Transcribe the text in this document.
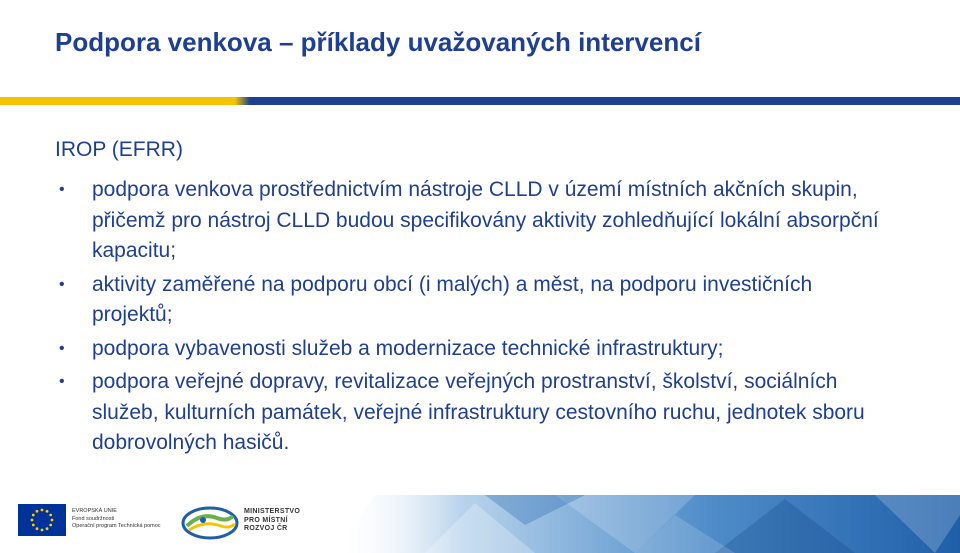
Podpora venkova – příklady uvažovaných intervencí
IROP (EFRR)
• podpora venkova prostřednictvím nástroje CLLD v území místních akčních skupin, přičemž pro nástroj CLLD budou specifikovány aktivity zohledňující lokální absorpční kapacitu;
• aktivity zaměřené na podporu obcí (i malých) a měst, na podporu investičních projektů;
• podpora vybavenosti služeb a modernizace technické infrastruktury;
• podpora veřejné dopravy, revitalizace veřejných prostranství, školství, sociálních služeb, kulturních památek, veřejné infrastruktury cestovního ruchu, jednotek sboru dobrovolných hasičů.
EVROPSKÁ UNIE
Fond soudržnosti
Operační program Technická pomoc
MINISTERSTVO
PRO MÍSTNÍ
ROZVOJ ČR
